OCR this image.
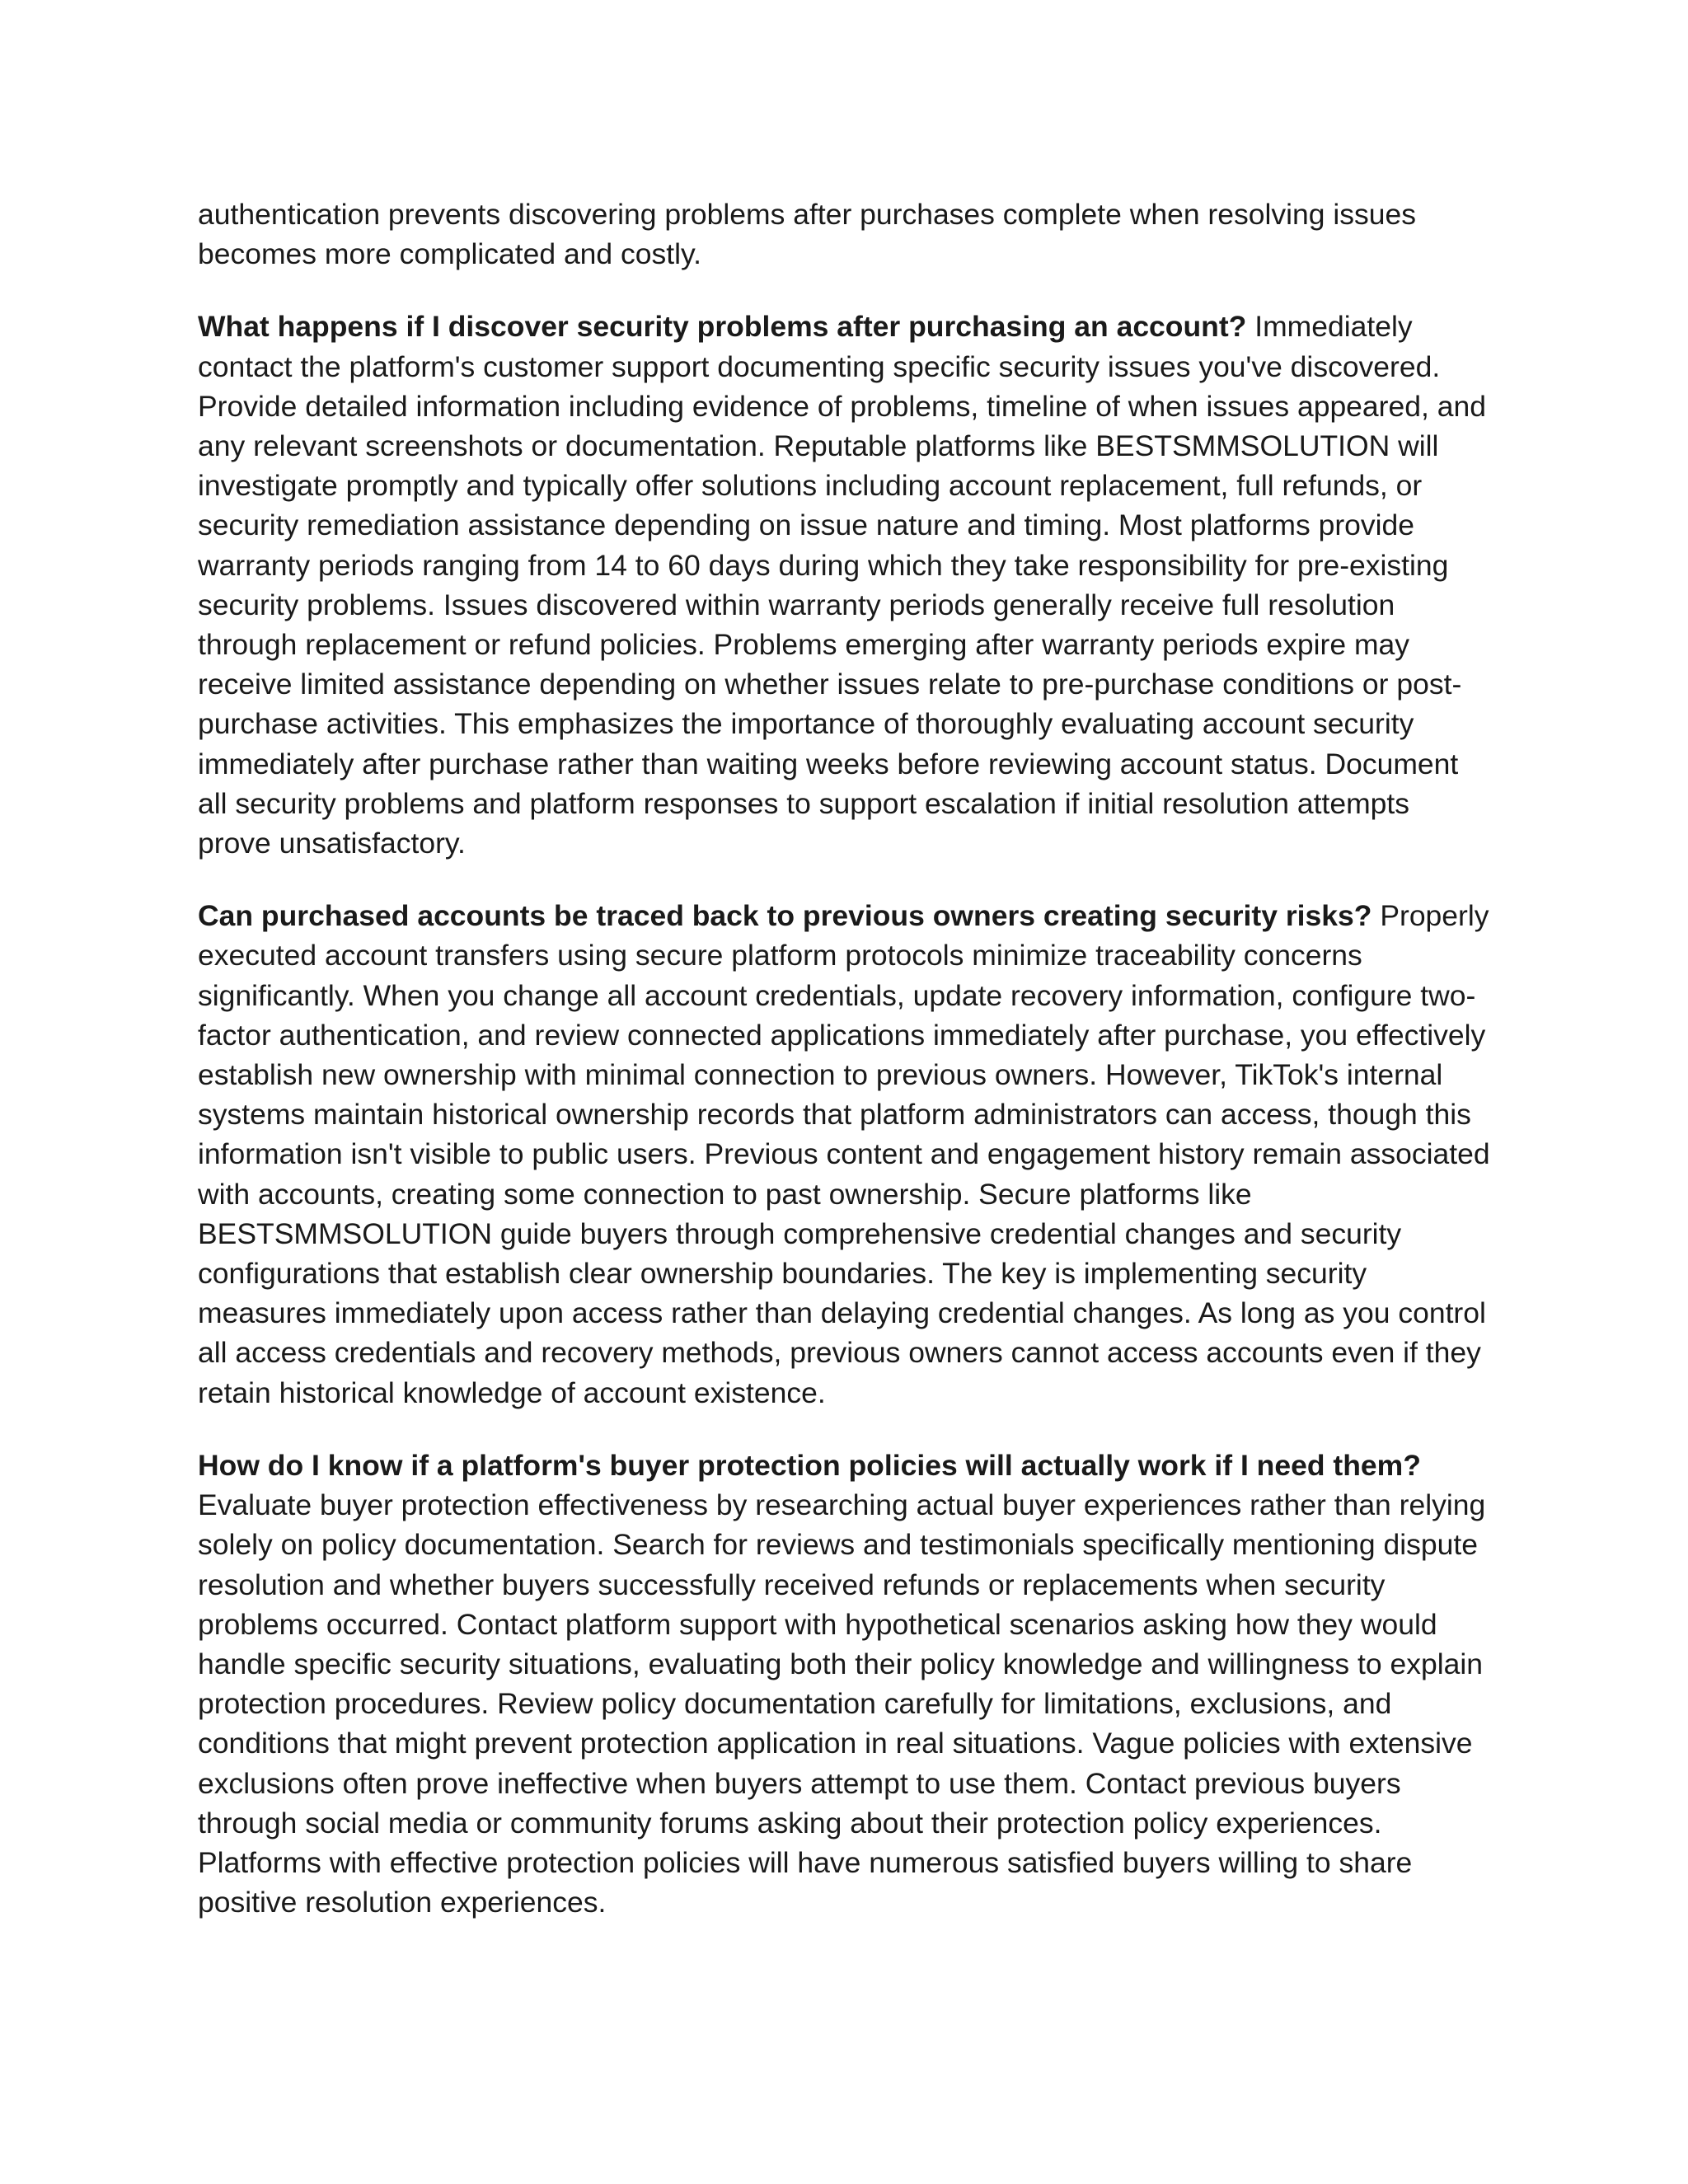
authentication prevents discovering problems after purchases complete when resolving issues becomes more complicated and costly.

What happens if I discover security problems after purchasing an account? Immediately contact the platform's customer support documenting specific security issues you've discovered. Provide detailed information including evidence of problems, timeline of when issues appeared, and any relevant screenshots or documentation. Reputable platforms like BESTSMMSOLUTION will investigate promptly and typically offer solutions including account replacement, full refunds, or security remediation assistance depending on issue nature and timing. Most platforms provide warranty periods ranging from 14 to 60 days during which they take responsibility for pre-existing security problems. Issues discovered within warranty periods generally receive full resolution through replacement or refund policies. Problems emerging after warranty periods expire may receive limited assistance depending on whether issues relate to pre-purchase conditions or post-purchase activities. This emphasizes the importance of thoroughly evaluating account security immediately after purchase rather than waiting weeks before reviewing account status. Document all security problems and platform responses to support escalation if initial resolution attempts prove unsatisfactory.

Can purchased accounts be traced back to previous owners creating security risks? Properly executed account transfers using secure platform protocols minimize traceability concerns significantly. When you change all account credentials, update recovery information, configure two-factor authentication, and review connected applications immediately after purchase, you effectively establish new ownership with minimal connection to previous owners. However, TikTok's internal systems maintain historical ownership records that platform administrators can access, though this information isn't visible to public users. Previous content and engagement history remain associated with accounts, creating some connection to past ownership. Secure platforms like BESTSMMSOLUTION guide buyers through comprehensive credential changes and security configurations that establish clear ownership boundaries. The key is implementing security measures immediately upon access rather than delaying credential changes. As long as you control all access credentials and recovery methods, previous owners cannot access accounts even if they retain historical knowledge of account existence.

How do I know if a platform's buyer protection policies will actually work if I need them? Evaluate buyer protection effectiveness by researching actual buyer experiences rather than relying solely on policy documentation. Search for reviews and testimonials specifically mentioning dispute resolution and whether buyers successfully received refunds or replacements when security problems occurred. Contact platform support with hypothetical scenarios asking how they would handle specific security situations, evaluating both their policy knowledge and willingness to explain protection procedures. Review policy documentation carefully for limitations, exclusions, and conditions that might prevent protection application in real situations. Vague policies with extensive exclusions often prove ineffective when buyers attempt to use them. Contact previous buyers through social media or community forums asking about their protection policy experiences. Platforms with effective protection policies will have numerous satisfied buyers willing to share positive resolution experiences.
